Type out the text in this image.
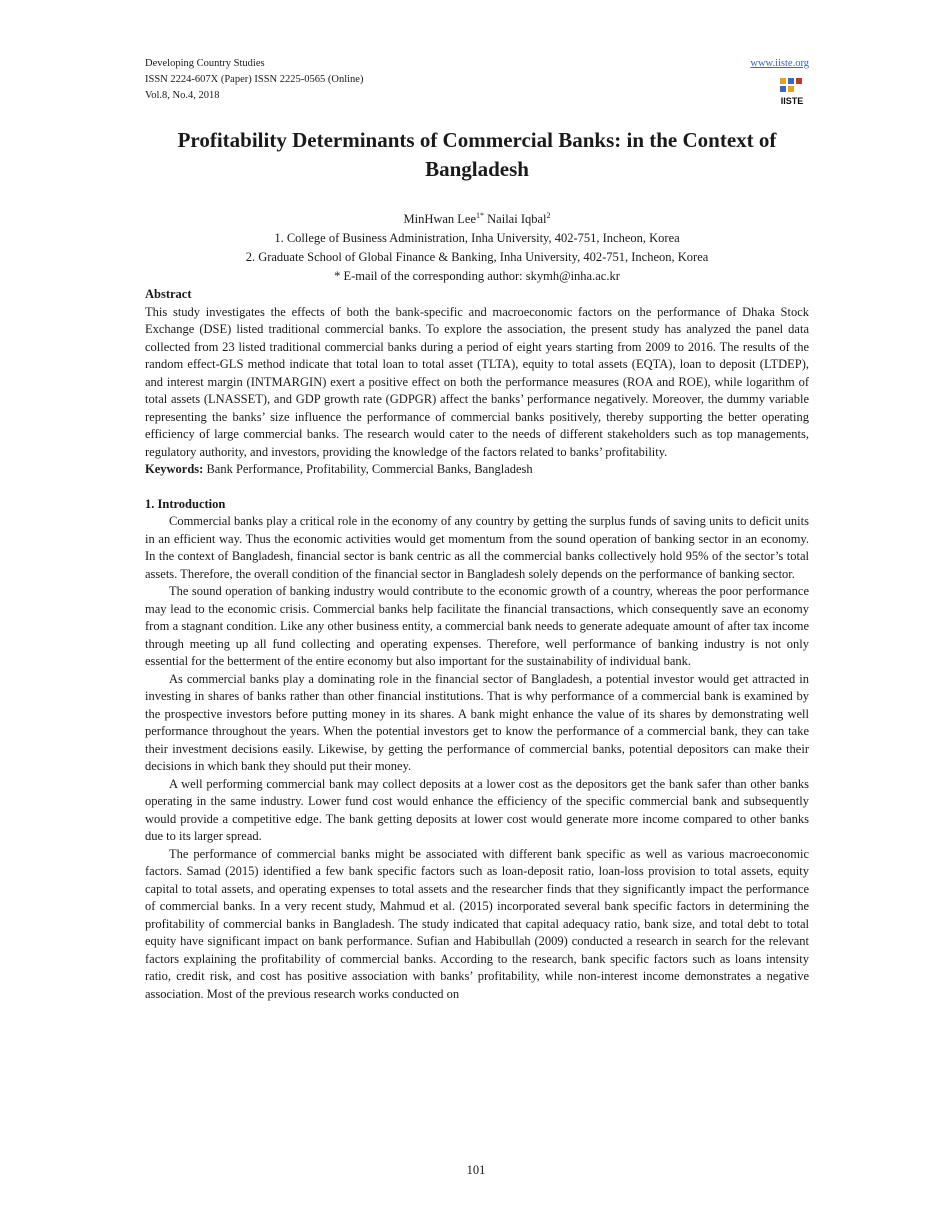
Developing Country Studies
ISSN 2224-607X (Paper) ISSN 2225-0565 (Online)
Vol.8, No.4, 2018
www.iiste.org
IISTE
Profitability Determinants of Commercial Banks: in the Context of Bangladesh
MinHwan Lee$^{1*}$ Nailai Iqbal$^2$
1. College of Business Administration, Inha University, 402-751, Incheon, Korea
2. Graduate School of Global Finance & Banking, Inha University, 402-751, Incheon, Korea
* E-mail of the corresponding author: skymh@inha.ac.kr
Abstract

This study investigates the effects of both the bank-specific and macroeconomic factors on the performance of Dhaka Stock Exchange (DSE) listed traditional commercial banks. To explore the association, the present study has analyzed the panel data collected from 23 listed traditional commercial banks during a period of eight years starting from 2009 to 2016. The results of the random effect-GLS method indicate that total loan to total asset (TLTA), equity to total assets (EQTA), loan to deposit (LTDEP), and interest margin (INTMARGIN) exert a positive effect on both the performance measures (ROA and ROE), while logarithm of total assets (LNASSET), and GDP growth rate (GDPGR) affect the banks’ performance negatively. Moreover, the dummy variable representing the banks’ size influence the performance of commercial banks positively, thereby supporting the better operating efficiency of large commercial banks. The research would cater to the needs of different stakeholders such as top managements, regulatory authority, and investors, providing the knowledge of the factors related to banks’ profitability.

Keywords: Bank Performance, Profitability, Commercial Banks, Bangladesh

1. Introduction

Commercial banks play a critical role in the economy of any country by getting the surplus funds of saving units to deficit units in an efficient way. Thus the economic activities would get momentum from the sound operation of banking sector in an economy. In the context of Bangladesh, financial sector is bank centric as all the commercial banks collectively hold 95% of the sector’s total assets. Therefore, the overall condition of the financial sector in Bangladesh solely depends on the performance of banking sector.

The sound operation of banking industry would contribute to the economic growth of a country, whereas the poor performance may lead to the economic crisis. Commercial banks help facilitate the financial transactions, which consequently save an economy from a stagnant condition. Like any other business entity, a commercial bank needs to generate adequate amount of after tax income through meeting up all fund collecting and operating expenses. Therefore, well performance of banking industry is not only essential for the betterment of the entire economy but also important for the sustainability of individual bank.

As commercial banks play a dominating role in the financial sector of Bangladesh, a potential investor would get attracted in investing in shares of banks rather than other financial institutions. That is why performance of a commercial bank is examined by the prospective investors before putting money in its shares. A bank might enhance the value of its shares by demonstrating well performance throughout the years. When the potential investors get to know the performance of a commercial bank, they can take their investment decisions easily. Likewise, by getting the performance of commercial banks, potential depositors can make their decisions in which bank they should put their money.

A well performing commercial bank may collect deposits at a lower cost as the depositors get the bank safer than other banks operating in the same industry. Lower fund cost would enhance the efficiency of the specific commercial bank and subsequently would provide a competitive edge. The bank getting deposits at lower cost would generate more income compared to other banks due to its larger spread.

The performance of commercial banks might be associated with different bank specific as well as various macroeconomic factors. Samad (2015) identified a few bank specific factors such as loan-deposit ratio, loan-loss provision to total assets, equity capital to total assets, and operating expenses to total assets and the researcher finds that they significantly impact the performance of commercial banks. In a very recent study, Mahmud et al. (2015) incorporated several bank specific factors in determining the profitability of commercial banks in Bangladesh. The study indicated that capital adequacy ratio, bank size, and total debt to total equity have significant impact on bank performance. Sufian and Habibullah (2009) conducted a research in search for the relevant factors explaining the profitability of commercial banks. According to the research, bank specific factors such as loans intensity ratio, credit risk, and cost has positive association with banks’ profitability, while non-interest income demonstrates a negative association. Most of the previous research works conducted on

101
